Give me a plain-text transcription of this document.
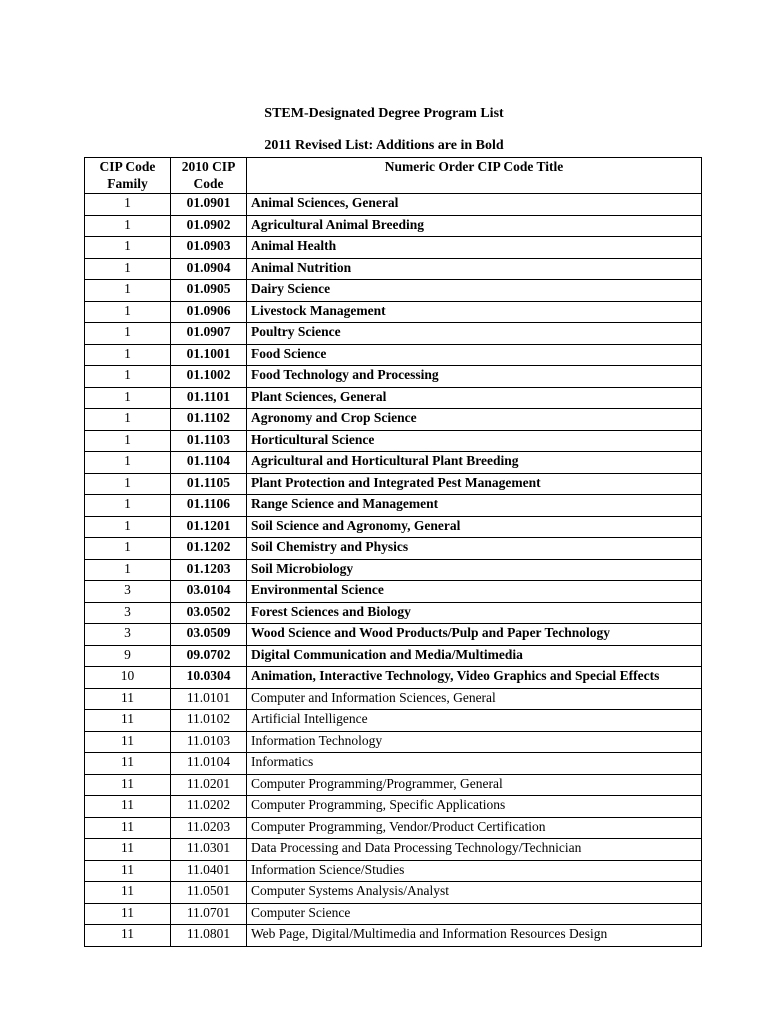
STEM-Designated Degree Program List
2011 Revised List: Additions are in Bold
CIP Code Family	2010 CIP Code	Numeric Order CIP Code Title
1	01.0901	Animal Sciences, General
1	01.0902	Agricultural Animal Breeding
1	01.0903	Animal Health
1	01.0904	Animal Nutrition
1	01.0905	Dairy Science
1	01.0906	Livestock Management
1	01.0907	Poultry Science
1	01.1001	Food Science
1	01.1002	Food Technology and Processing
1	01.1101	Plant Sciences, General
1	01.1102	Agronomy and Crop Science
1	01.1103	Horticultural Science
1	01.1104	Agricultural and Horticultural Plant Breeding
1	01.1105	Plant Protection and Integrated Pest Management
1	01.1106	Range Science and Management
1	01.1201	Soil Science and Agronomy, General
1	01.1202	Soil Chemistry and Physics
1	01.1203	Soil Microbiology
3	03.0104	Environmental Science
3	03.0502	Forest Sciences and Biology
3	03.0509	Wood Science and Wood Products/Pulp and Paper Technology
9	09.0702	Digital Communication and Media/Multimedia
10	10.0304	Animation, Interactive Technology, Video Graphics and Special Effects
11	11.0101	Computer and Information Sciences, General
11	11.0102	Artificial Intelligence
11	11.0103	Information Technology
11	11.0104	Informatics
11	11.0201	Computer Programming/Programmer, General
11	11.0202	Computer Programming, Specific Applications
11	11.0203	Computer Programming, Vendor/Product Certification
11	11.0301	Data Processing and Data Processing Technology/Technician
11	11.0401	Information Science/Studies
11	11.0501	Computer Systems Analysis/Analyst
11	11.0701	Computer Science
11	11.0801	Web Page, Digital/Multimedia and Information Resources Design
